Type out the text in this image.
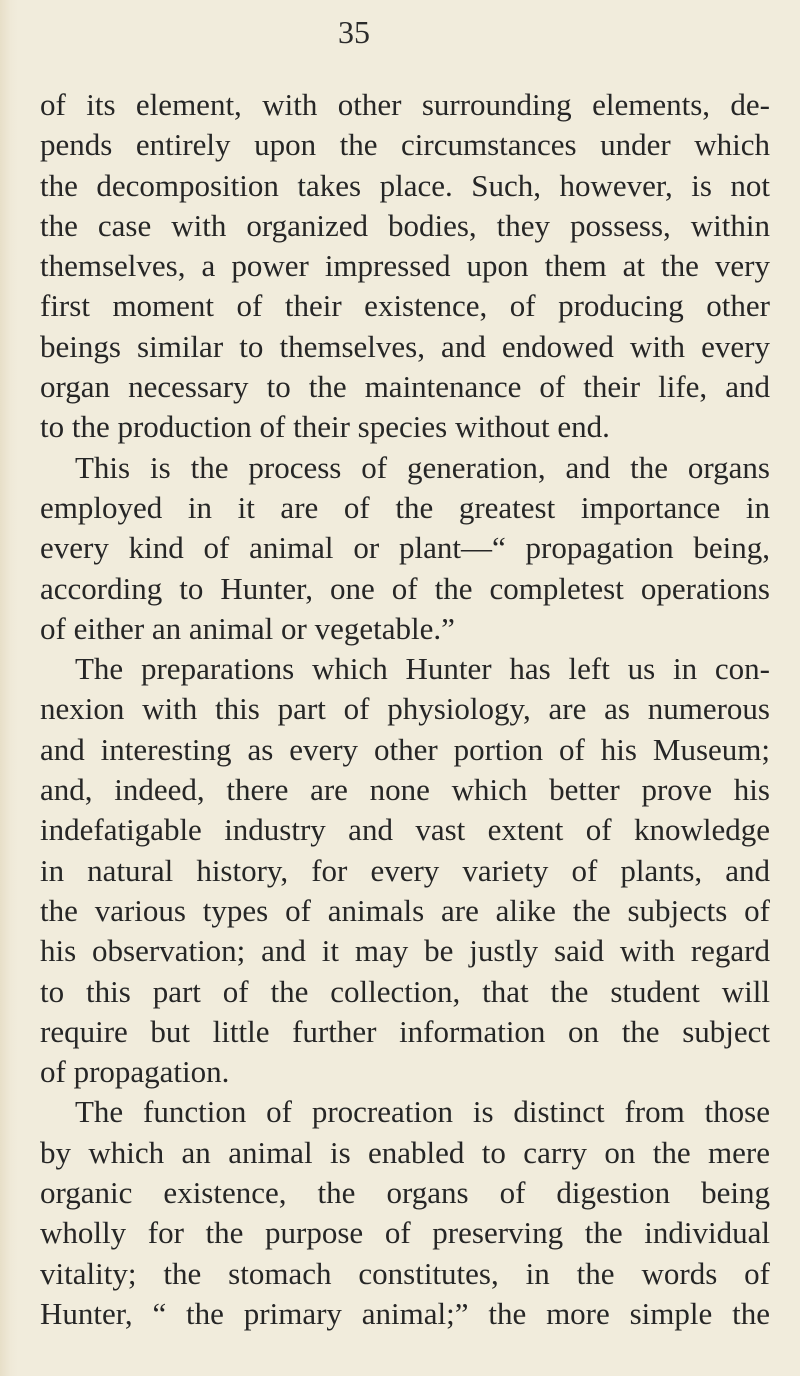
35
of its element, with other surrounding elements, de-
pends entirely upon the circumstances under which
the decomposition takes place. Such, however, is not
the case with organized bodies, they possess, within
themselves, a power impressed upon them at the very
first moment of their existence, of producing other
beings similar to themselves, and endowed with every
organ necessary to the maintenance of their life, and
to the production of their species without end.
This is the process of generation, and the organs
employed in it are of the greatest importance in
every kind of animal or plant—“ propagation being,
according to Hunter, one of the completest operations
of either an animal or vegetable.”
The preparations which Hunter has left us in con-
nexion with this part of physiology, are as numerous
and interesting as every other portion of his Museum;
and, indeed, there are none which better prove his
indefatigable industry and vast extent of knowledge
in natural history, for every variety of plants, and
the various types of animals are alike the subjects of
his observation; and it may be justly said with regard
to this part of the collection, that the student will
require but little further information on the subject
of propagation.
The function of procreation is distinct from those
by which an animal is enabled to carry on the mere
organic existence, the organs of digestion being
wholly for the purpose of preserving the individual
vitality; the stomach constitutes, in the words of
Hunter, “ the primary animal;” the more simple the
